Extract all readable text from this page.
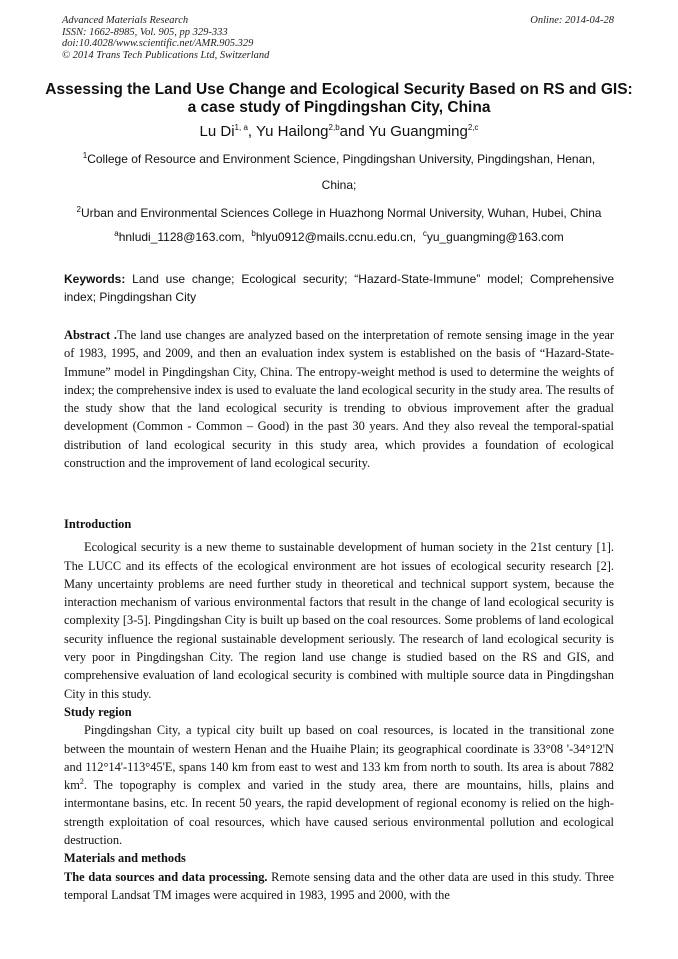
Advanced Materials Research
ISSN: 1662-8985, Vol. 905, pp 329-333
doi:10.4028/www.scientific.net/AMR.905.329
© 2014 Trans Tech Publications Ltd, Switzerland
Online: 2014-04-28
Assessing the Land Use Change and Ecological Security Based on RS and GIS: a case study of Pingdingshan City, China
Lu Di$^{1, a}$, Yu Hailong$^{2,b}$and Yu Guangming$^{2,c}$
$^1$College of Resource and Environment Science, Pingdingshan University, Pingdingshan, Henan,
China;
$^2$Urban and Environmental Sciences College in Huazhong Normal University, Wuhan, Hubei, China
$^a$hnludi_1128@163.com, $^b$hlyu0912@mails.ccnu.edu.cn, $^c$yu_guangming@163.com
Keywords: Land use change; Ecological security; “Hazard-State-Immune” model; Comprehensive index; Pingdingshan City

Abstract .The land use changes are analyzed based on the interpretation of remote sensing image in the year of 1983, 1995, and 2009, and then an evaluation index system is established on the basis of “Hazard-State-Immune” model in Pingdingshan City, China. The entropy-weight method is used to determine the weights of index; the comprehensive index is used to evaluate the land ecological security in the study area. The results of the study show that the land ecological security is trending to obvious improvement after the gradual development (Common - Common – Good) in the past 30 years. And they also reveal the temporal-spatial distribution of land ecological security in this study area, which provides a foundation of ecological construction and the improvement of land ecological security.

Introduction

Ecological security is a new theme to sustainable development of human society in the 21st century [1]. The LUCC and its effects of the ecological environment are hot issues of ecological security research [2]. Many uncertainty problems are need further study in theoretical and technical support system, because the interaction mechanism of various environmental factors that result in the change of land ecological security is complexity [3-5]. Pingdingshan City is built up based on the coal resources. Some problems of land ecological security influence the regional sustainable development seriously. The research of land ecological security is very poor in Pingdingshan City. The region land use change is studied based on the RS and GIS, and comprehensive evaluation of land ecological security is combined with multiple source data in Pingdingshan City in this study.

Study region

Pingdingshan City, a typical city built up based on coal resources, is located in the transitional zone between the mountain of western Henan and the Huaihe Plain; its geographical coordinate is 33°08 '-34°12'N and 112°14'-113°45'E, spans 140 km from east to west and 133 km from north to south. Its area is about 7882 $km^2$. The topography is complex and varied in the study area, there are mountains, hills, plains and intermontane basins, etc. In recent 50 years, the rapid development of regional economy is relied on the high-strength exploitation of coal resources, which have caused serious environmental pollution and ecological destruction.

Materials and methods

The data sources and data processing. Remote sensing data and the other data are used in this study. Three temporal Landsat TM images were acquired in 1983, 1995 and 2000, with the
